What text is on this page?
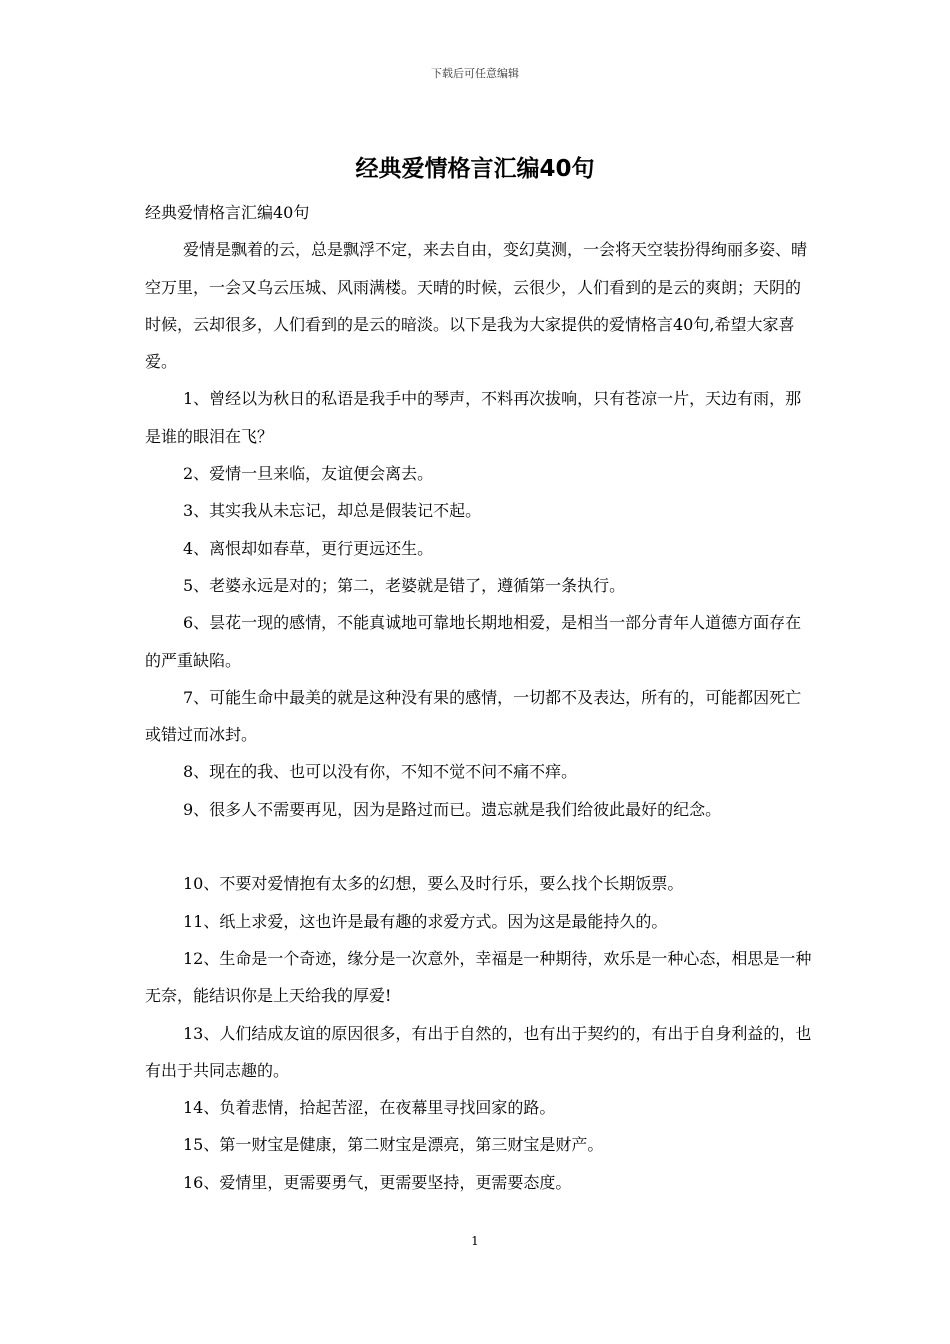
下载后可任意编辑
经典爱情格言汇编40句

经典爱情格言汇编40句

爱情是飘着的云，总是飘浮不定，来去自由，变幻莫测，一会将天空装扮得绚丽多姿、晴空万里，一会又乌云压城、风雨满楼。天晴的时候，云很少，人们看到的是云的爽朗；天阴的时候，云却很多，人们看到的是云的暗淡。以下是我为大家提供的爱情格言40句,希望大家喜爱。

1、曾经以为秋日的私语是我手中的琴声，不料再次拔响，只有苍凉一片，天边有雨，那是谁的眼泪在飞？

2、爱情一旦来临，友谊便会离去。

3、其实我从未忘记，却总是假装记不起。

4、离恨却如春草，更行更远还生。

5、老婆永远是对的；第二，老婆就是错了，遵循第一条执行。

6、昙花一现的感情，不能真诚地可靠地长期地相爱，是相当一部分青年人道德方面存在的严重缺陷。

7、可能生命中最美的就是这种没有果的感情，一切都不及表达，所有的，可能都因死亡或错过而冰封。

8、现在的我、也可以没有你，不知不觉不问不痛不痒。

9、很多人不需要再见，因为是路过而已。遗忘就是我们给彼此最好的纪念。

10、不要对爱情抱有太多的幻想，要么及时行乐，要么找个长期饭票。

11、纸上求爱，这也许是最有趣的求爱方式。因为这是最能持久的。

12、生命是一个奇迹，缘分是一次意外，幸福是一种期待，欢乐是一种心态，相思是一种无奈，能结识你是上天给我的厚爱!

13、人们结成友谊的原因很多，有出于自然的，也有出于契约的，有出于自身利益的，也有出于共同志趣的。

14、负着悲情，拾起苦涩，在夜幕里寻找回家的路。

15、第一财宝是健康，第二财宝是漂亮，第三财宝是财产。

16、爱情里，更需要勇气，更需要坚持，更需要态度。

1
